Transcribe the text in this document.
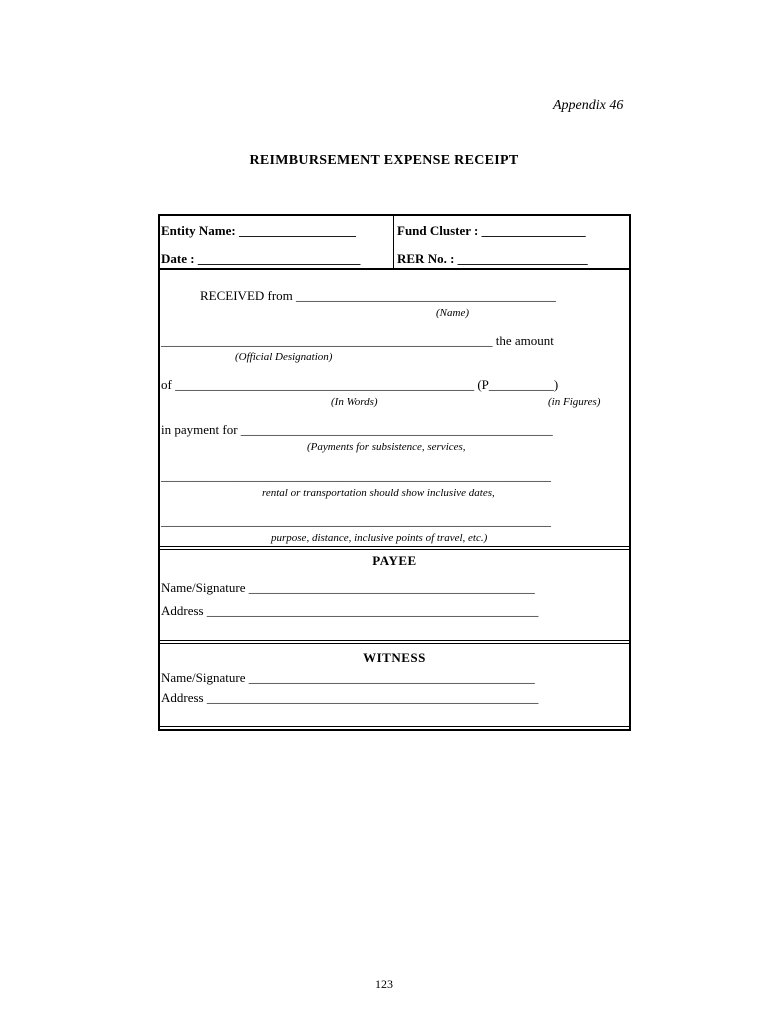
Appendix 46
REIMBURSEMENT EXPENSE RECEIPT
Entity Name: __________________	Fund Cluster : ________________
Date : _________________________	RER No. : ____________________
RECEIVED from ________________________________________
(Name)
___________________________________________________ the amount
(Official Designation)
of ______________________________________________ (P__________)
(In Words)	(in Figures)
in payment for ________________________________________________
(Payments for subsistence, services,
____________________________________________________________
rental or transportation should show inclusive dates,
____________________________________________________________
purpose, distance, inclusive points of travel, etc.)
PAYEE
Name/Signature ____________________________________________
Address ___________________________________________________
WITNESS
Name/Signature ____________________________________________
Address ___________________________________________________
123
